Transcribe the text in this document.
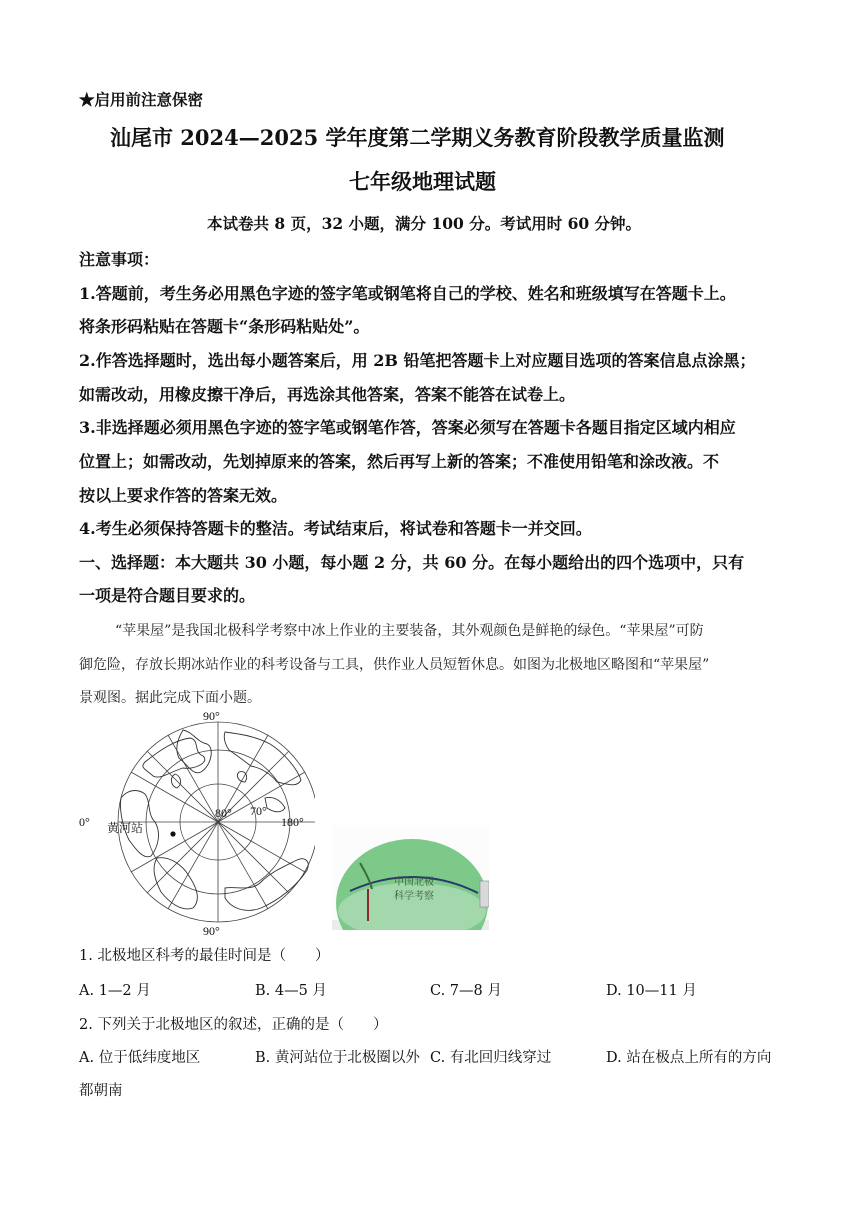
★启用前注意保密
汕尾市 2024—2025 学年度第二学期义务教育阶段教学质量监测
七年级地理试题
本试卷共 8 页，32 小题，满分 100 分。考试用时 60 分钟。
注意事项：
1.答题前，考生务必用黑色字迹的签字笔或钢笔将自己的学校、姓名和班级填写在答题卡上。
将条形码粘贴在答题卡“条形码粘贴处”。
2.作答选择题时，选出每小题答案后，用 2B 铅笔把答题卡上对应题目选项的答案信息点涂黑；
如需改动，用橡皮擦干净后，再选涂其他答案，答案不能答在试卷上。
3.非选择题必须用黑色字迹的签字笔或钢笔作答，答案必须写在答题卡各题目指定区域内相应
位置上；如需改动，先划掉原来的答案，然后再写上新的答案；不准使用铅笔和涂改液。不
按以上要求作答的答案无效。
4.考生必须保持答题卡的整洁。考试结束后，将试卷和答题卡一并交回。
一、选择题：本大题共 30 小题，每小题 2 分，共 60 分。在每小题给出的四个选项中，只有
一项是符合题目要求的。
“苹果屋”是我国北极科学考察中冰上作业的主要装备，其外观颜色是鲜艳的绿色。“苹果屋”可防
御危险，存放长期冰站作业的科考设备与工具，供作业人员短暂休息。如图为北极地区略图和“苹果屋”
景观图。据此完成下面小题。
90°
90°
0°	180°
80° 70°
黄河站
中国北极
科学考察
1. 北极地区科考的最佳时间是（　　）
A. 1—2 月	B. 4—5 月	C. 7—8 月	D. 10—11 月
2. 下列关于北极地区的叙述，正确的是（　　）
A. 位于低纬度地区	B. 黄河站位于北极圈以外 C. 有北回归线穿过	D. 站在极点上所有的方向
都朝南
